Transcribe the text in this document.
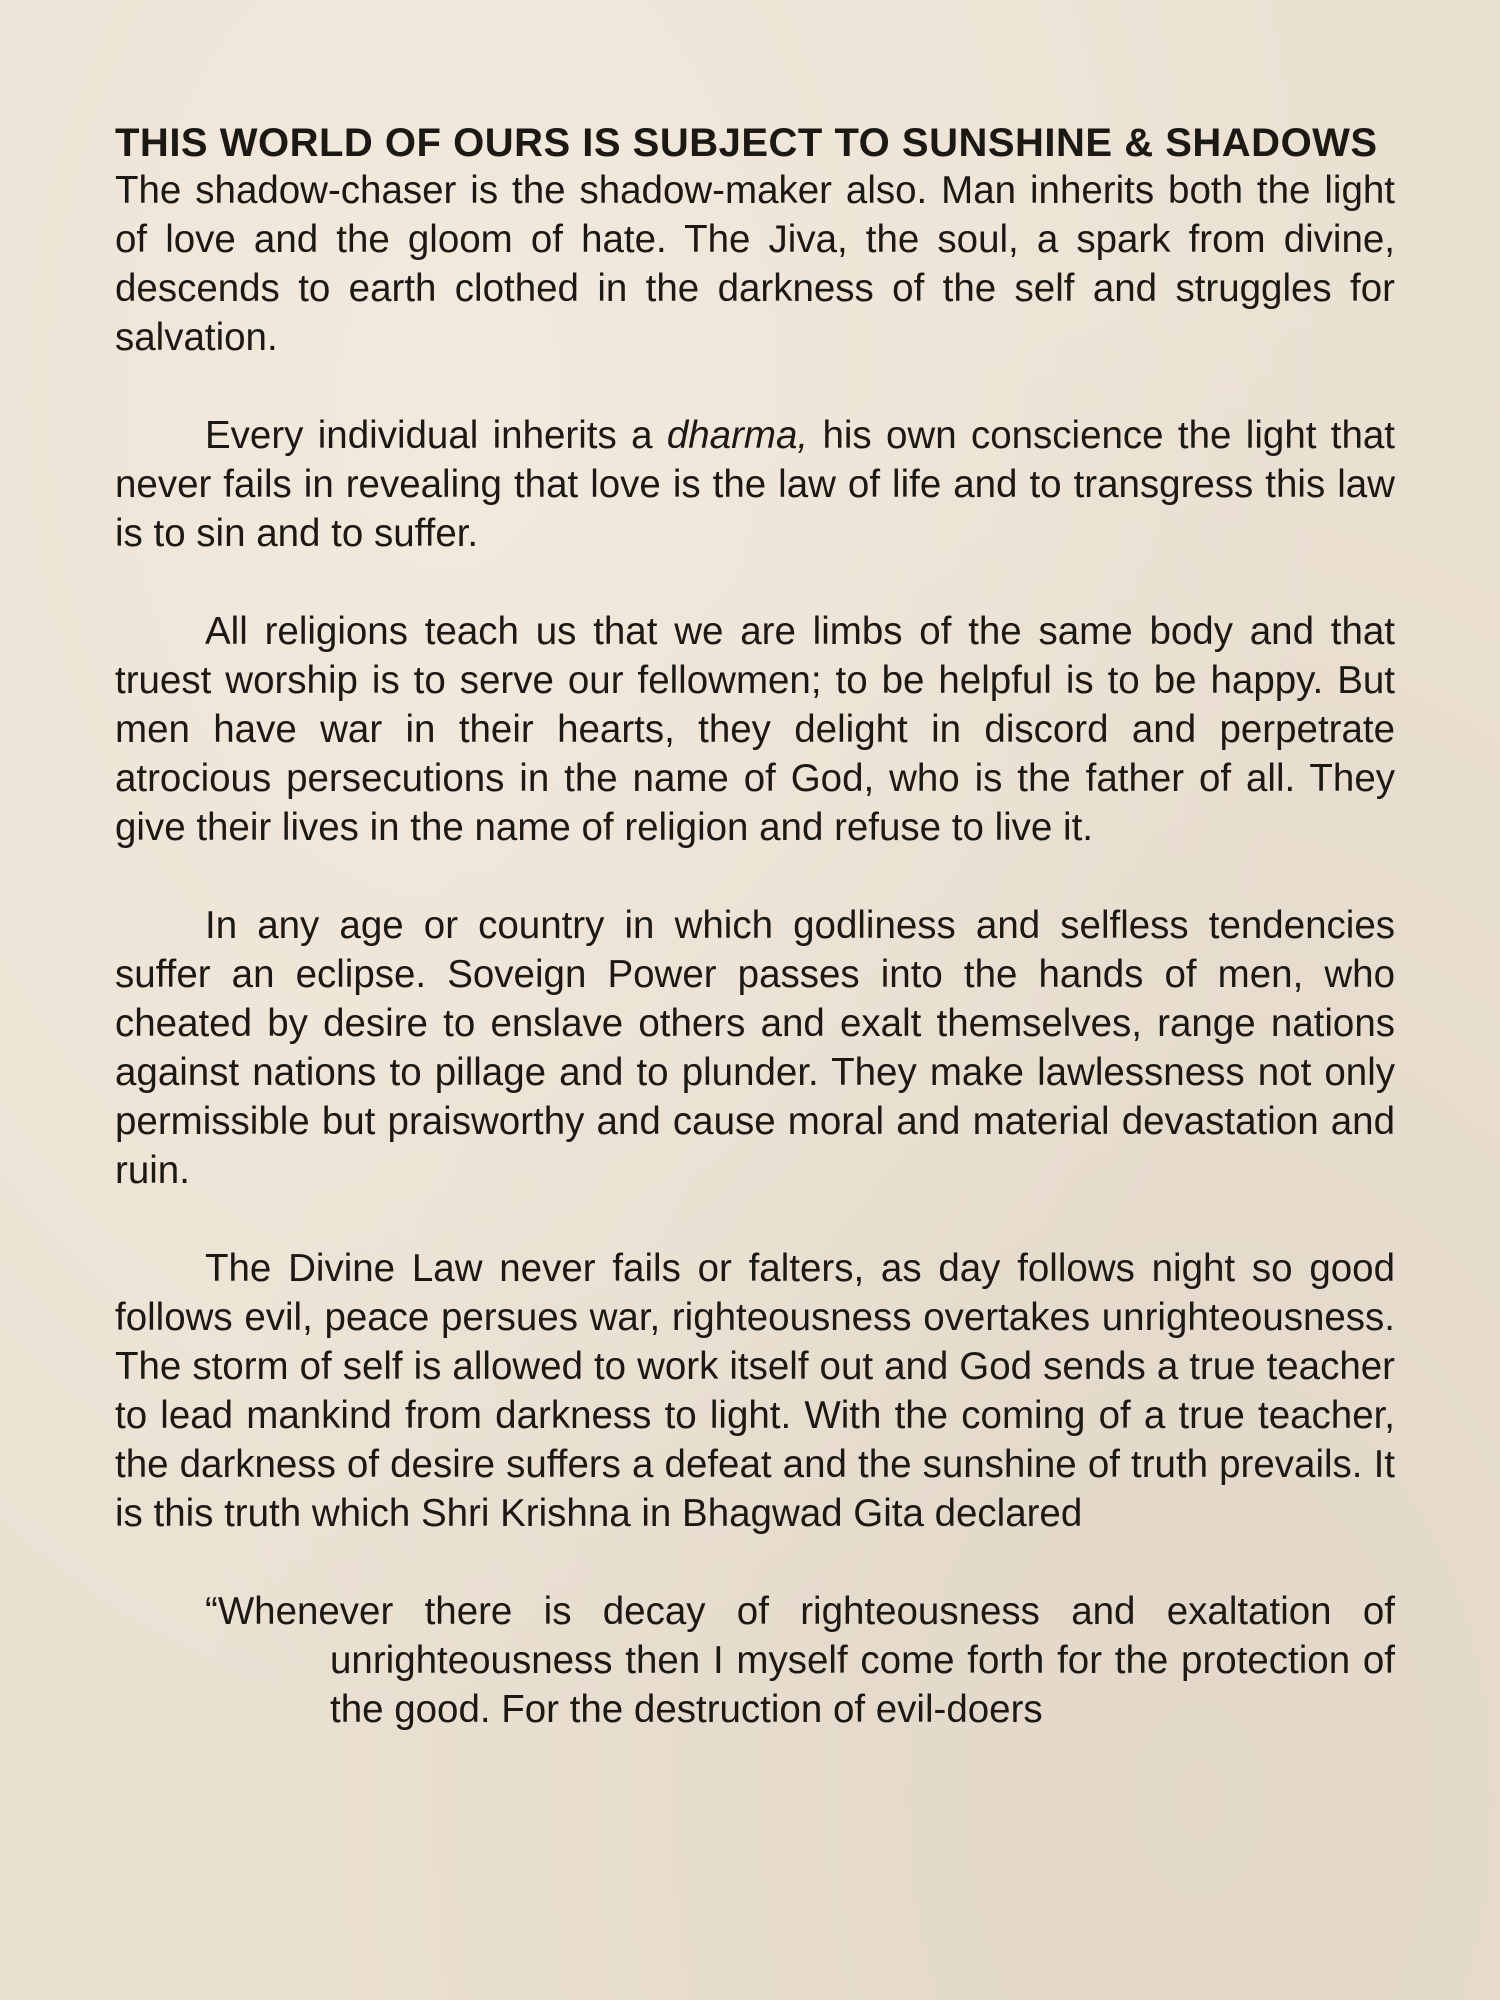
THIS WORLD OF OURS IS SUBJECT TO SUNSHINE & SHADOWS

The shadow-chaser is the shadow-maker also. Man inherits both the light of love and the gloom of hate. The Jiva, the soul, a spark from divine, descends to earth clothed in the darkness of the self and struggles for salvation.

Every individual inherits a dharma, his own conscience the light that never fails in revealing that love is the law of life and to transgress this law is to sin and to suffer.

All religions teach us that we are limbs of the same body and that truest worship is to serve our fellowmen; to be helpful is to be happy. But men have war in their hearts, they delight in discord and perpetrate atrocious persecutions in the name of God, who is the father of all. They give their lives in the name of religion and refuse to live it.

In any age or country in which godliness and selfless tendencies suffer an eclipse. Soveign Power passes into the hands of men, who cheated by desire to enslave others and exalt themselves, range nations against nations to pillage and to plunder. They make lawlessness not only permissible but praisworthy and cause moral and material devastation and ruin.

The Divine Law never fails or falters, as day follows night so good follows evil, peace persues war, righteousness overtakes unrighteousness. The storm of self is allowed to work itself out and God sends a true teacher to lead mankind from darkness to light. With the coming of a true teacher, the darkness of desire suffers a defeat and the sunshine of truth prevails. It is this truth which Shri Krishna in Bhagwad Gita declared

“Whenever there is decay of righteousness and exaltation of unrighteousness then I myself come forth for the protection of the good. For the destruction of evil-doers
